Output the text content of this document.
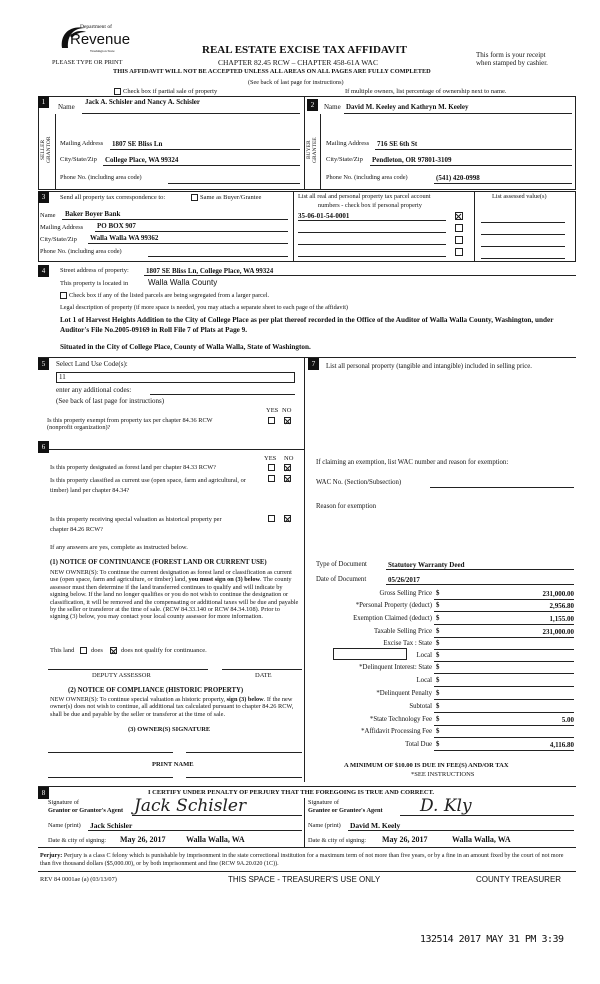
Department of
Revenue
Washington State
PLEASE TYPE OR PRINT
REAL ESTATE EXCISE TAX AFFIDAVIT
CHAPTER 82.45 RCW – CHAPTER 458-61A WAC
THIS AFFIDAVIT WILL NOT BE ACCEPTED UNLESS ALL AREAS ON ALL PAGES ARE FULLY COMPLETED
(See back of last page for instructions)
This form is your receipt
when stamped by cashier.
Check box if partial sale of property	If multiple owners, list percentage of ownership next to name.
1	2
SELLER GRANTOR	BUYER GRANTEE
Name
Jack A. Schisler and Nancy A. Schisler
Mailing Address 1807 SE Bliss Ln
City/State/Zip College Place, WA 99324
Phone No. (including area code)
Name David M. Keeley and Kathryn M. Keeley
Mailing Address 716 SE 6th St
City/State/Zip Pendleton, OR 97801-3109
Phone No. (including area code)	(541) 420-0998
3	Send all property tax correspondence to:	Same as Buyer/Grantee
Name Baker Boyer Bank
Mailing Address PO BOX 907
City/State/Zip Walla Walla WA 99362
Phone No. (including area code)
List all real and personal property tax parcel account
numbers - check box if personal property
35-06-01-54-0001
List assessed value(s)
4	Street address of property: 1807 SE Bliss Ln, College Place, WA 99324
This property is located in Walla Walla County
Check box if any of the listed parcels are being segregated from a larger parcel.
Legal description of property (if more space is needed, you may attach a separate sheet to each page of the affidavit)
Lot 1 of Harvest Heights Addition to the City of College Place as per plat thereof recorded in the Office of the Auditor of Walla Walla County, Washington, under Auditor's File No.2005-09169 in Roll File 7 of Plats at Page 9.
Situated in the City of College Place, County of Walla Walla, State of Washington.
5	Select Land Use Code(s):
11
enter any additional codes:
(See back of last page for instructions)
YES NO
Is this property exempt from property tax per chapter 84.36 RCW (nonprofit organization)?
6
YES NO
Is this property designated as forest land per chapter 84.33 RCW?
Is this property classified as current use (open space, farm and agricultural, or timber) land per chapter 84.34?
Is this property receiving special valuation as historical property per chapter 84.26 RCW?
If any answers are yes, complete as instructed below.
(1) NOTICE OF CONTINUANCE (FOREST LAND OR CURRENT USE)
NEW OWNER(S): To continue the current designation as forest land or classification as current use (open space, farm and agriculture, or timber) land, you must sign on (3) below. The county assessor must then determine if the land transferred continues to qualify and will indicate by signing below. If the land no longer qualifies or you do not wish to continue the designation or classification, it will be removed and the compensating or additional taxes will be due and payable by the seller or transferor at the time of sale. (RCW 84.33.140 or RCW 84.34.108). Prior to signing (3) below, you may contact your local county assessor for more information.
This land	does	does not qualify for continuance.
DEPUTY ASSESSOR	DATE
(2) NOTICE OF COMPLIANCE (HISTORIC PROPERTY)
NEW OWNER(S): To continue special valuation as historic property, sign (3) below. If the new owner(s) does not wish to continue, all additional tax calculated pursuant to chapter 84.26 RCW, shall be due and payable by the seller or transferor at the time of sale.
(3) OWNER(S) SIGNATURE
PRINT NAME
7	List all personal property (tangible and intangible) included in selling price.
If claiming an exemption, list WAC number and reason for exemption:
WAC No. (Section/Subsection)
Reason for exemption
Type of Document	Statutory Warranty Deed
Date of Document	05/26/2017
Gross Selling Price $	231,000.00
*Personal Property (deduct) $	2,956.80
Exemption Claimed (deduct) $	1,155.00
Taxable Selling Price $	231,000.00
Excise Tax : State $
Local $
*Delinquent Interest: State $
Local $
*Delinquent Penalty $
Subtotal $
*State Technology Fee $	5.00
*Affidavit Processing Fee $
Total Due $	4,116.80
A MINIMUM OF $10.00 IS DUE IN FEE(S) AND/OR TAX
*SEE INSTRUCTIONS
8	I CERTIFY UNDER PENALTY OF PERJURY THAT THE FOREGOING IS TRUE AND CORRECT.
Signature of
Grantor or Grantor's Agent Jack Schisler
Name (print) Jack Schisler
Date & city of signing: May 26, 2017	Walla Walla, WA
Signature of
Grantee or Grantee's Agent D. Kly
Name (print) David M. Keely
Date & city of signing: May 26, 2017	Walla Walla, WA
Perjury: Perjury is a class C felony which is punishable by imprisonment in the state correctional institution for a maximum term of not more than five years, or by a fine in an amount fixed by the court of not more than five thousand dollars ($5,000.00), or by both imprisonment and fine (RCW 9A.20.020 (1C)).
REV 84 0001ae (a) (03/13/07)	THIS SPACE - TREASURER'S USE ONLY	COUNTY TREASURER
132514 2017 MAY 31 PM 3:39
